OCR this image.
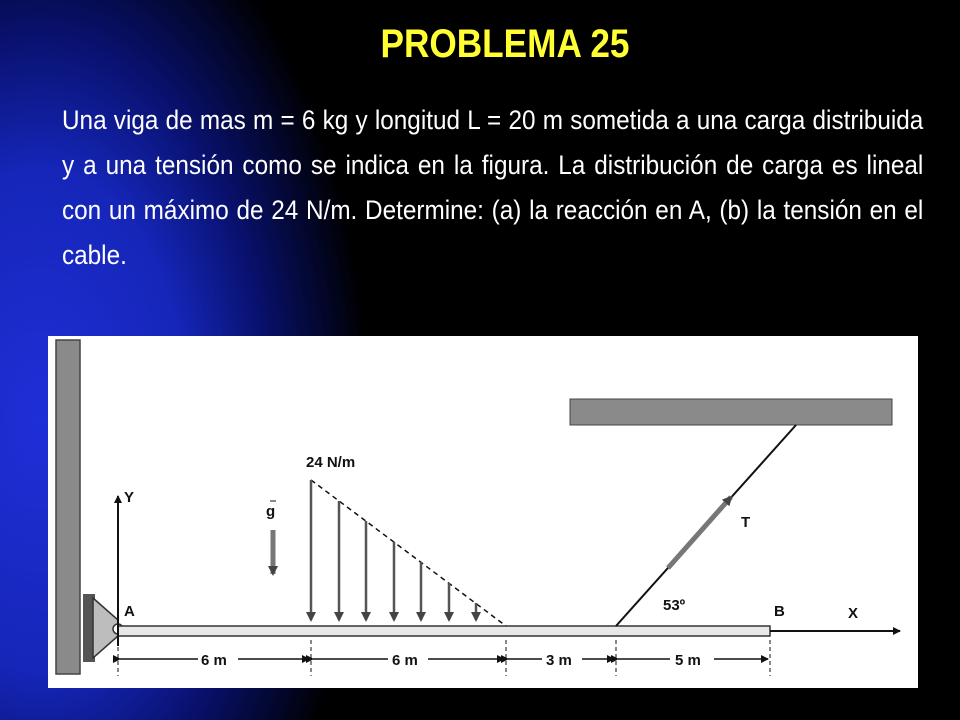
PROBLEMA 25
Una viga de mas m = 6 kg y longitud L = 20 m sometida a una carga distribuida y a una tensión como se indica en la figura. La distribución de carga es lineal con un máximo de 24 N/m. Determine: (a) la reacción en A, (b) la tensión en el cable.
T
53º
Y
X
A	B
g
24 N/m
6 m	6 m	3 m	5 m
